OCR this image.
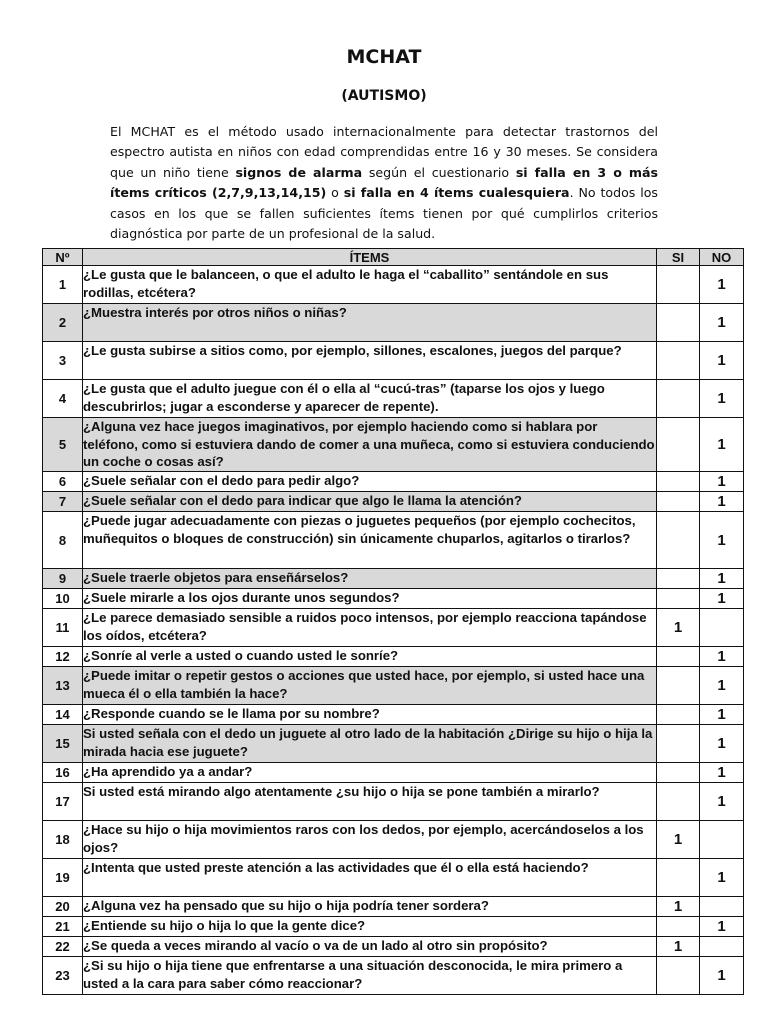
MCHAT
(AUTISMO)
El MCHAT es el método usado internacionalmente para detectar trastornos del espectro autista en niños con edad comprendidas entre 16 y 30 meses. Se considera que un niño tiene signos de alarma según el cuestionario si falla en 3 o más ítems críticos (2,7,9,13,14,15) o si falla en 4 ítems cualesquiera. No todos los casos en los que se fallen suficientes ítems tienen por qué cumplirlos criterios diagnóstica por parte de un profesional de la salud.
Nº	ÍTEMS	SI	NO
1	¿Le gusta que le balanceen, o que el adulto le haga el “caballito” sentándole en sus rodillas, etcétera?		1
2	¿Muestra interés por otros niños o niñas?		1
3	¿Le gusta subirse a sitios como, por ejemplo, sillones, escalones, juegos del parque?		1
4	¿Le gusta que el adulto juegue con él o ella al “cucú-tras” (taparse los ojos y luego descubrirlos; jugar a esconderse y aparecer de repente).		1
5	¿Alguna vez hace juegos imaginativos, por ejemplo haciendo como si hablara por teléfono, como si estuviera dando de comer a una muñeca, como si estuviera conduciendo un coche o cosas así?		1
6	¿Suele señalar con el dedo para pedir algo?		1
7	¿Suele señalar con el dedo para indicar que algo le llama la atención?		1
8	¿Puede jugar adecuadamente con piezas o juguetes pequeños (por ejemplo cochecitos, muñequitos o bloques de construcción) sin únicamente chuparlos, agitarlos o tirarlos?		1
9	¿Suele traerle objetos para enseñárselos?		1
10	¿Suele mirarle a los ojos durante unos segundos?		1
11	¿Le parece demasiado sensible a ruidos poco intensos, por ejemplo reacciona tapándose los oídos, etcétera?	1	
12	¿Sonríe al verle a usted o cuando usted le sonríe?		1
13	¿Puede imitar o repetir gestos o acciones que usted hace, por ejemplo, si usted hace una mueca él o ella también la hace?		1
14	¿Responde cuando se le llama por su nombre?		1
15	Si usted señala con el dedo un juguete al otro lado de la habitación ¿Dirige su hijo o hija la mirada hacia ese juguete?		1
16	¿Ha aprendido ya a andar?		1
17	Si usted está mirando algo atentamente ¿su hijo o hija se pone también a mirarlo?		1
18	¿Hace su hijo o hija movimientos raros con los dedos, por ejemplo, acercándoselos a los ojos?	1	
19	¿Intenta que usted preste atención a las actividades que él o ella está haciendo?		1
20	¿Alguna vez ha pensado que su hijo o hija podría tener sordera?	1	
21	¿Entiende su hijo o hija lo que la gente dice?		1
22	¿Se queda a veces mirando al vacío o va de un lado al otro sin propósito?	1	
23	¿Si su hijo o hija tiene que enfrentarse a una situación desconocida, le mira primero a usted a la cara para saber cómo reaccionar?		1
